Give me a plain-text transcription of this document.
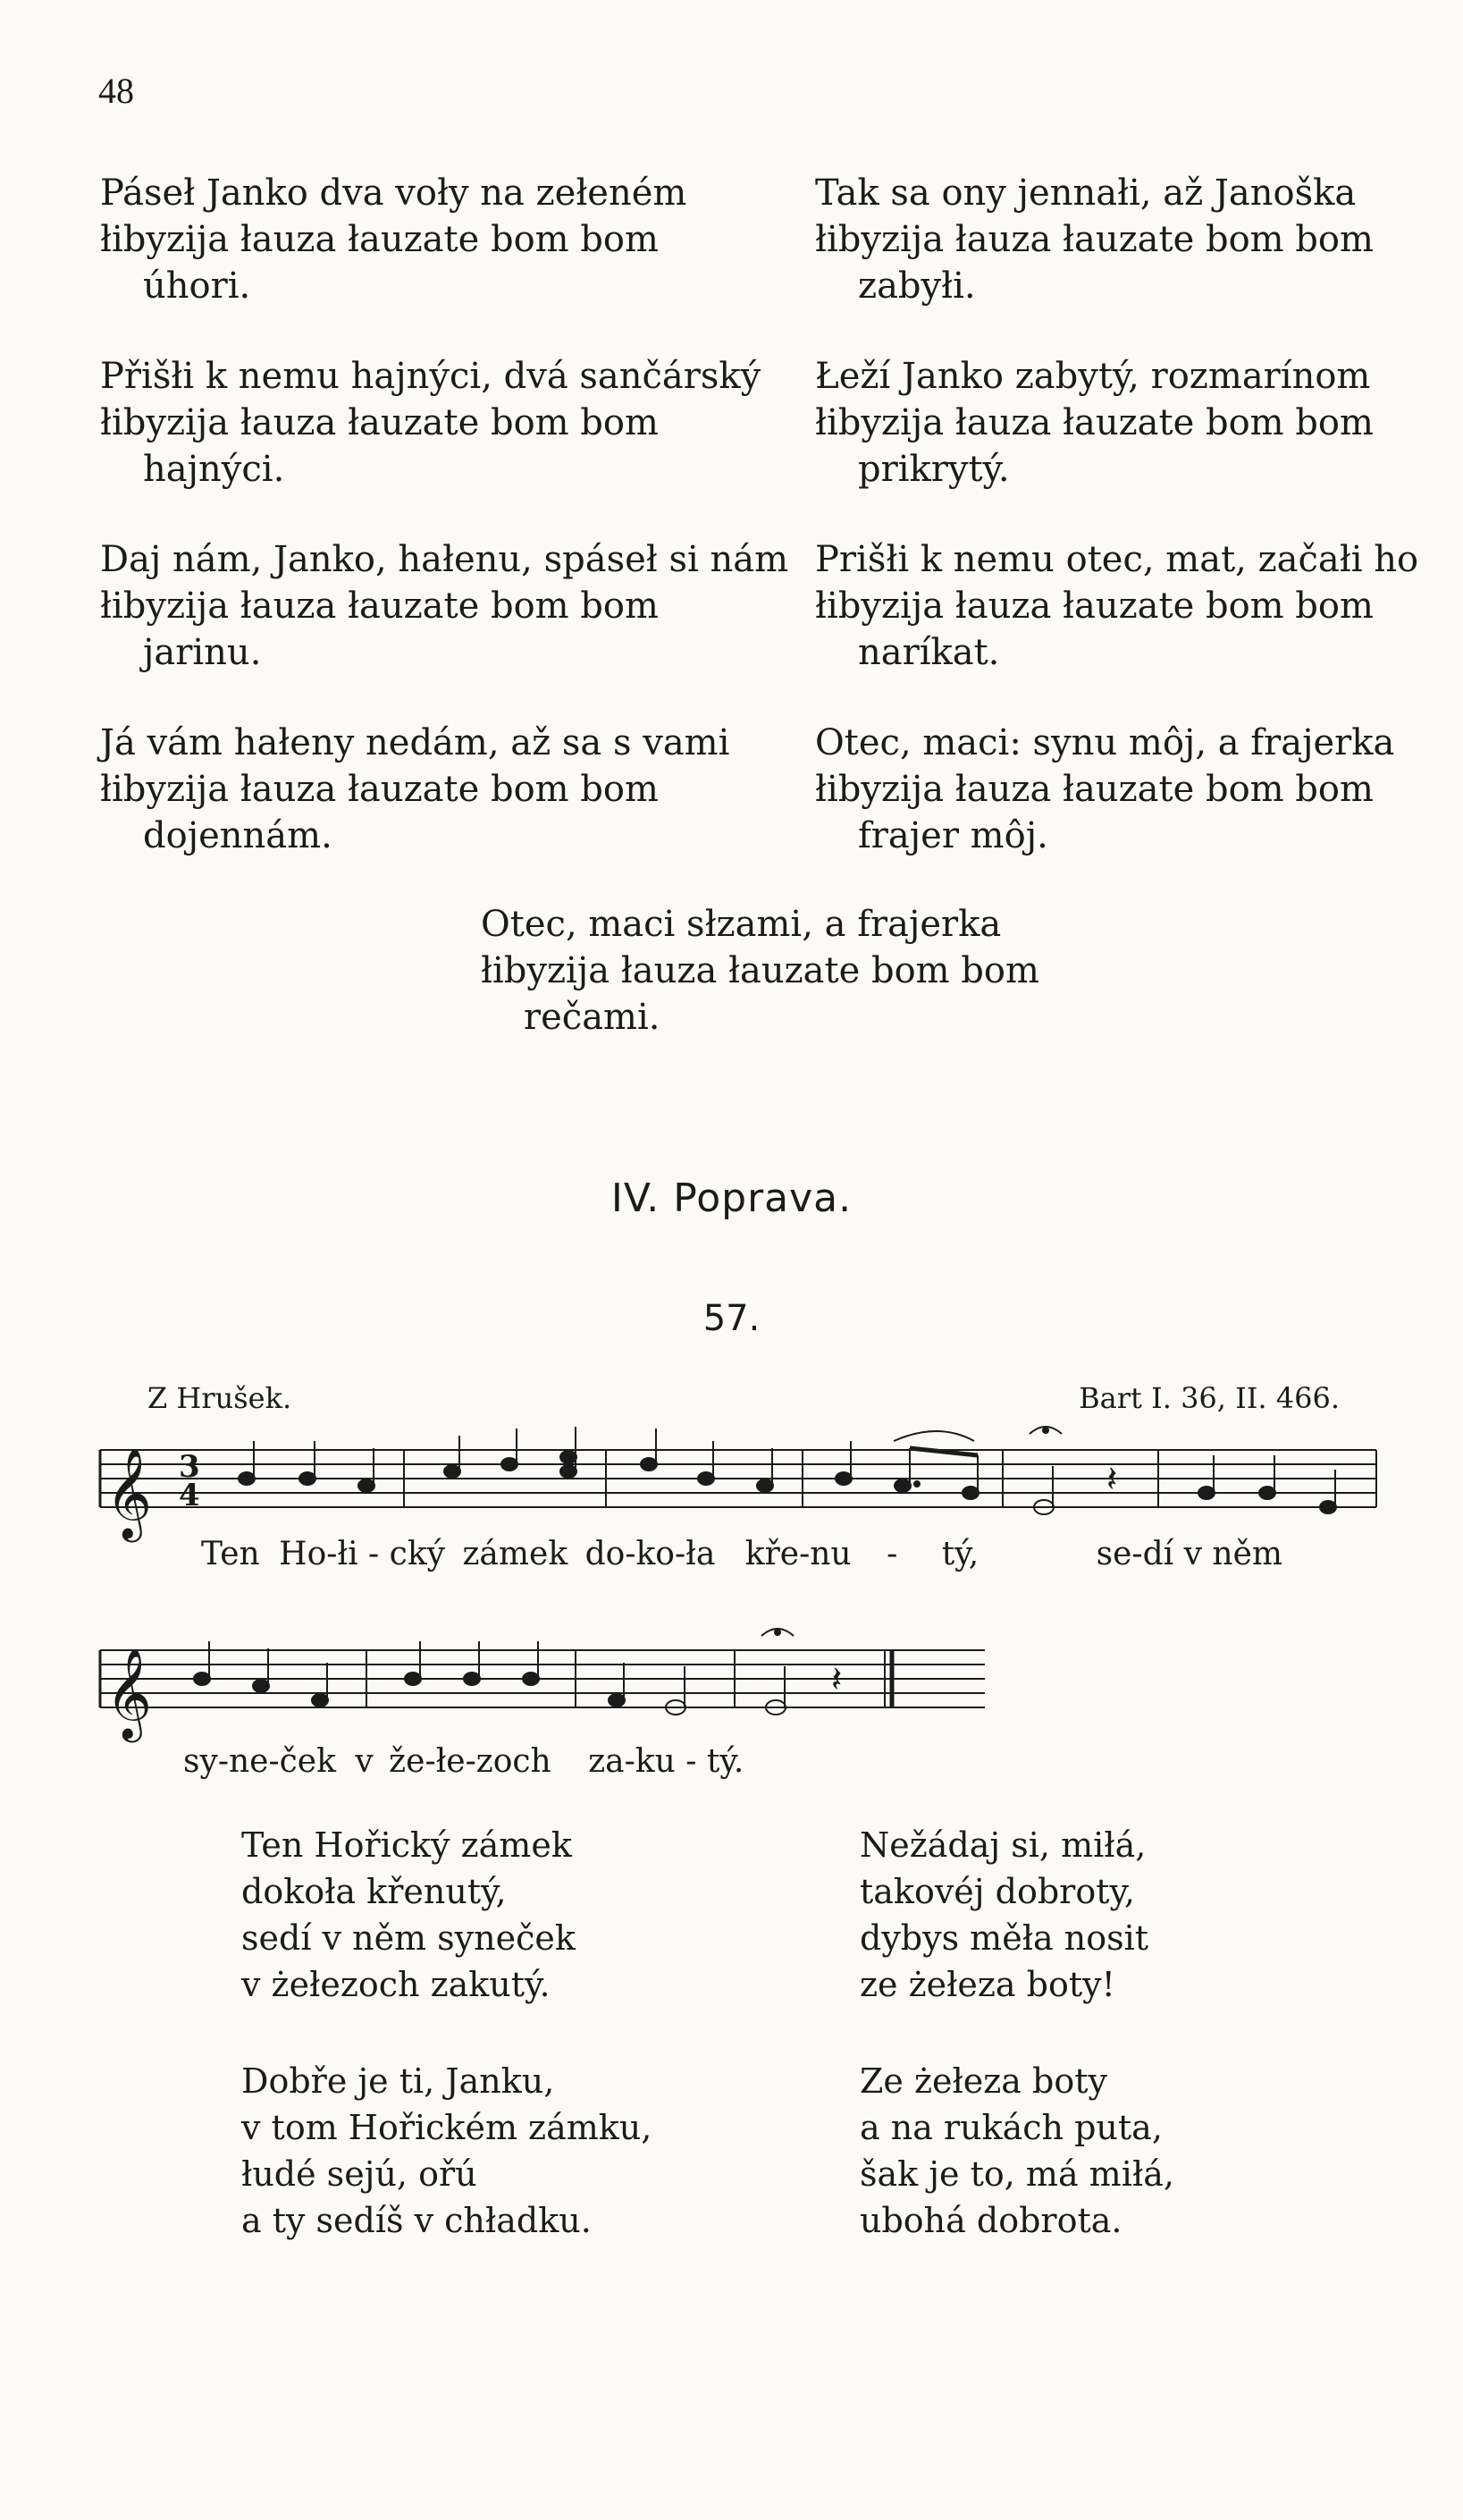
48
Páseł Janko dva voły na zełeném
łibyzija łauza łauzate bom bom
úhori.
Přišłi k nemu hajnýci, dvá sančárský
łibyzija łauza łauzate bom bom
hajnýci.
Daj nám, Janko, hałenu, spáseł si nám
łibyzija łauza łauzate bom bom
jarinu.
Já vám hałeny nedám, až sa s vami
łibyzija łauza łauzate bom bom
dojennám.
Tak sa ony jennałi, až Janoška
łibyzija łauza łauzate bom bom
zabyłi.
Łeží Janko zabytý, rozmarínom
łibyzija łauza łauzate bom bom
prikrytý.
Prišłi k nemu otec, mat, začałi ho
łibyzija łauza łauzate bom bom
naríkat.
Otec, maci: synu môj, a frajerka
łibyzija łauza łauzate bom bom
frajer môj.
Otec, maci słzami, a frajerka
łibyzija łauza łauzate bom bom
rečami.
IV. Poprava.
57.
Z Hrušek.	Bart I. 36, II. 466.
𝄞
𝄞
3
4	𝄽
𝄽
Ten Ho-łi - cký zámek do-ko-ła kře-nu - tý,	se-dí v něm
sy-ne-ček v že-łe-zoch za-ku - tý.
Ten Hořický zámek
dokoła křenutý,
sedí v něm syneček
v żełezoch zakutý.
Dobře je ti, Janku,
v tom Hořickém zámku,
łudé sejú, ořú
a ty sedíš v chładku.
Nežádaj si, miłá,
takovéj dobroty,
dybys měła nosit
ze żełeza boty!
Ze żełeza boty
a na rukách puta,
šak je to, má miłá,
ubohá dobrota.
